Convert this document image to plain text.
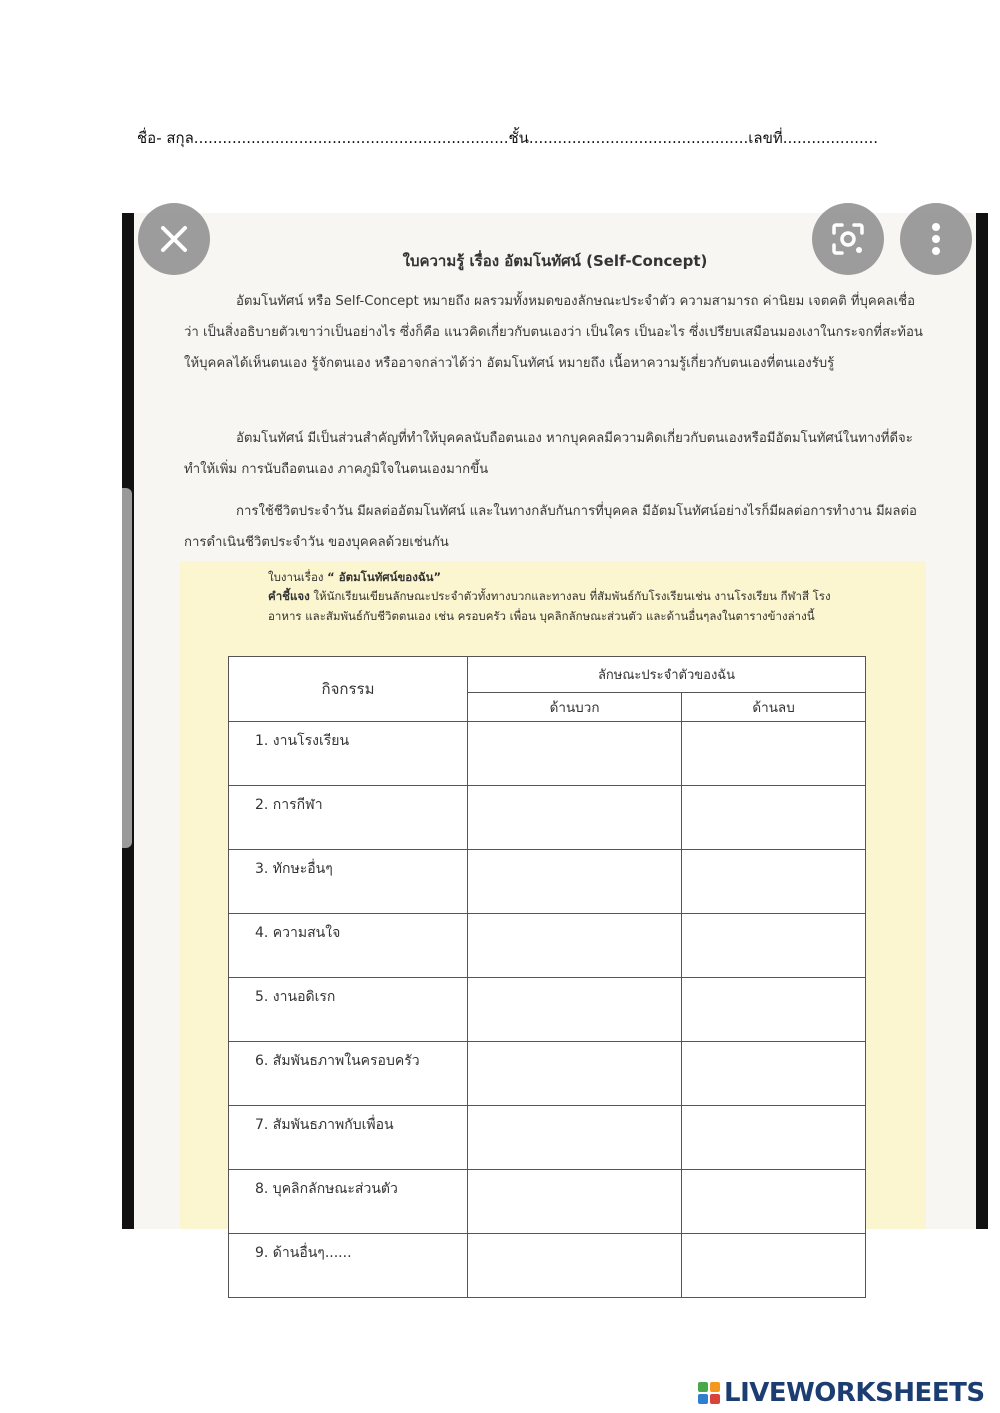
ชื่อ- สกุล..................................................................ชั้น..............................................เลขที่....................
ใบความรู้ เรื่อง อัตมโนทัศน์ (Self-Concept)
อัตมโนทัศน์ หรือ Self-Concept หมายถึง ผลรวมทั้งหมดของลักษณะประจำตัว ความสามารถ ค่านิยม เจตคติ ที่บุคคลเชื่อว่า เป็นสิ่งอธิบายตัวเขาว่าเป็นอย่างไร ซึ่งก็คือ แนวคิดเกี่ยวกับตนเองว่า เป็นใคร เป็นอะไร ซึ่งเปรียบเสมือนมองเงาในกระจกที่สะท้อนให้บุคคลได้เห็นตนเอง รู้จักตนเอง หรืออาจกล่าวได้ว่า อัตมโนทัศน์ หมายถึง เนื้อหาความรู้เกี่ยวกับตนเองที่ตนเองรับรู้
อัตมโนทัศน์ มีเป็นส่วนสำคัญที่ทำให้บุคคลนับถือตนเอง หากบุคคลมีความคิดเกี่ยวกับตนเองหรือมีอัตมโนทัศน์ในทางที่ดีจะทำให้เพิ่ม การนับถือตนเอง ภาคภูมิใจในตนเองมากขึ้น
การใช้ชีวิตประจำวัน มีผลต่ออัตมโนทัศน์ และในทางกลับกันการที่บุคคล มีอัตมโนทัศน์อย่างไรก็มีผลต่อการทำงาน มีผลต่อการดำเนินชีวิตประจำวัน ของบุคคลด้วยเช่นกัน
ใบงานเรื่อง “ อัตมโนทัศน์ของฉัน”
คำชี้แจง ให้นักเรียนเขียนลักษณะประจำตัวทั้งทางบวกและทางลบ ที่สัมพันธ์กับโรงเรียนเช่น งานโรงเรียน กีฬาสี โรงอาหาร และสัมพันธ์กับชีวิตตนเอง เช่น ครอบครัว เพื่อน บุคลิกลักษณะส่วนตัว และด้านอื่นๆลงในตารางข้างล่างนี้
กิจกรรม	ลักษณะประจำตัวของฉัน	
	ด้านบวก	ด้านลบ
1. งานโรงเรียน		
2. การกีฬา		
3. ทักษะอื่นๆ		
4. ความสนใจ		
5. งานอดิเรก		
6. สัมพันธภาพในครอบครัว		
7. สัมพันธภาพกับเพื่อน		
8. บุคลิกลักษณะส่วนตัว		
9. ด้านอื่นๆ......		
LIVEWORKSHEETS
